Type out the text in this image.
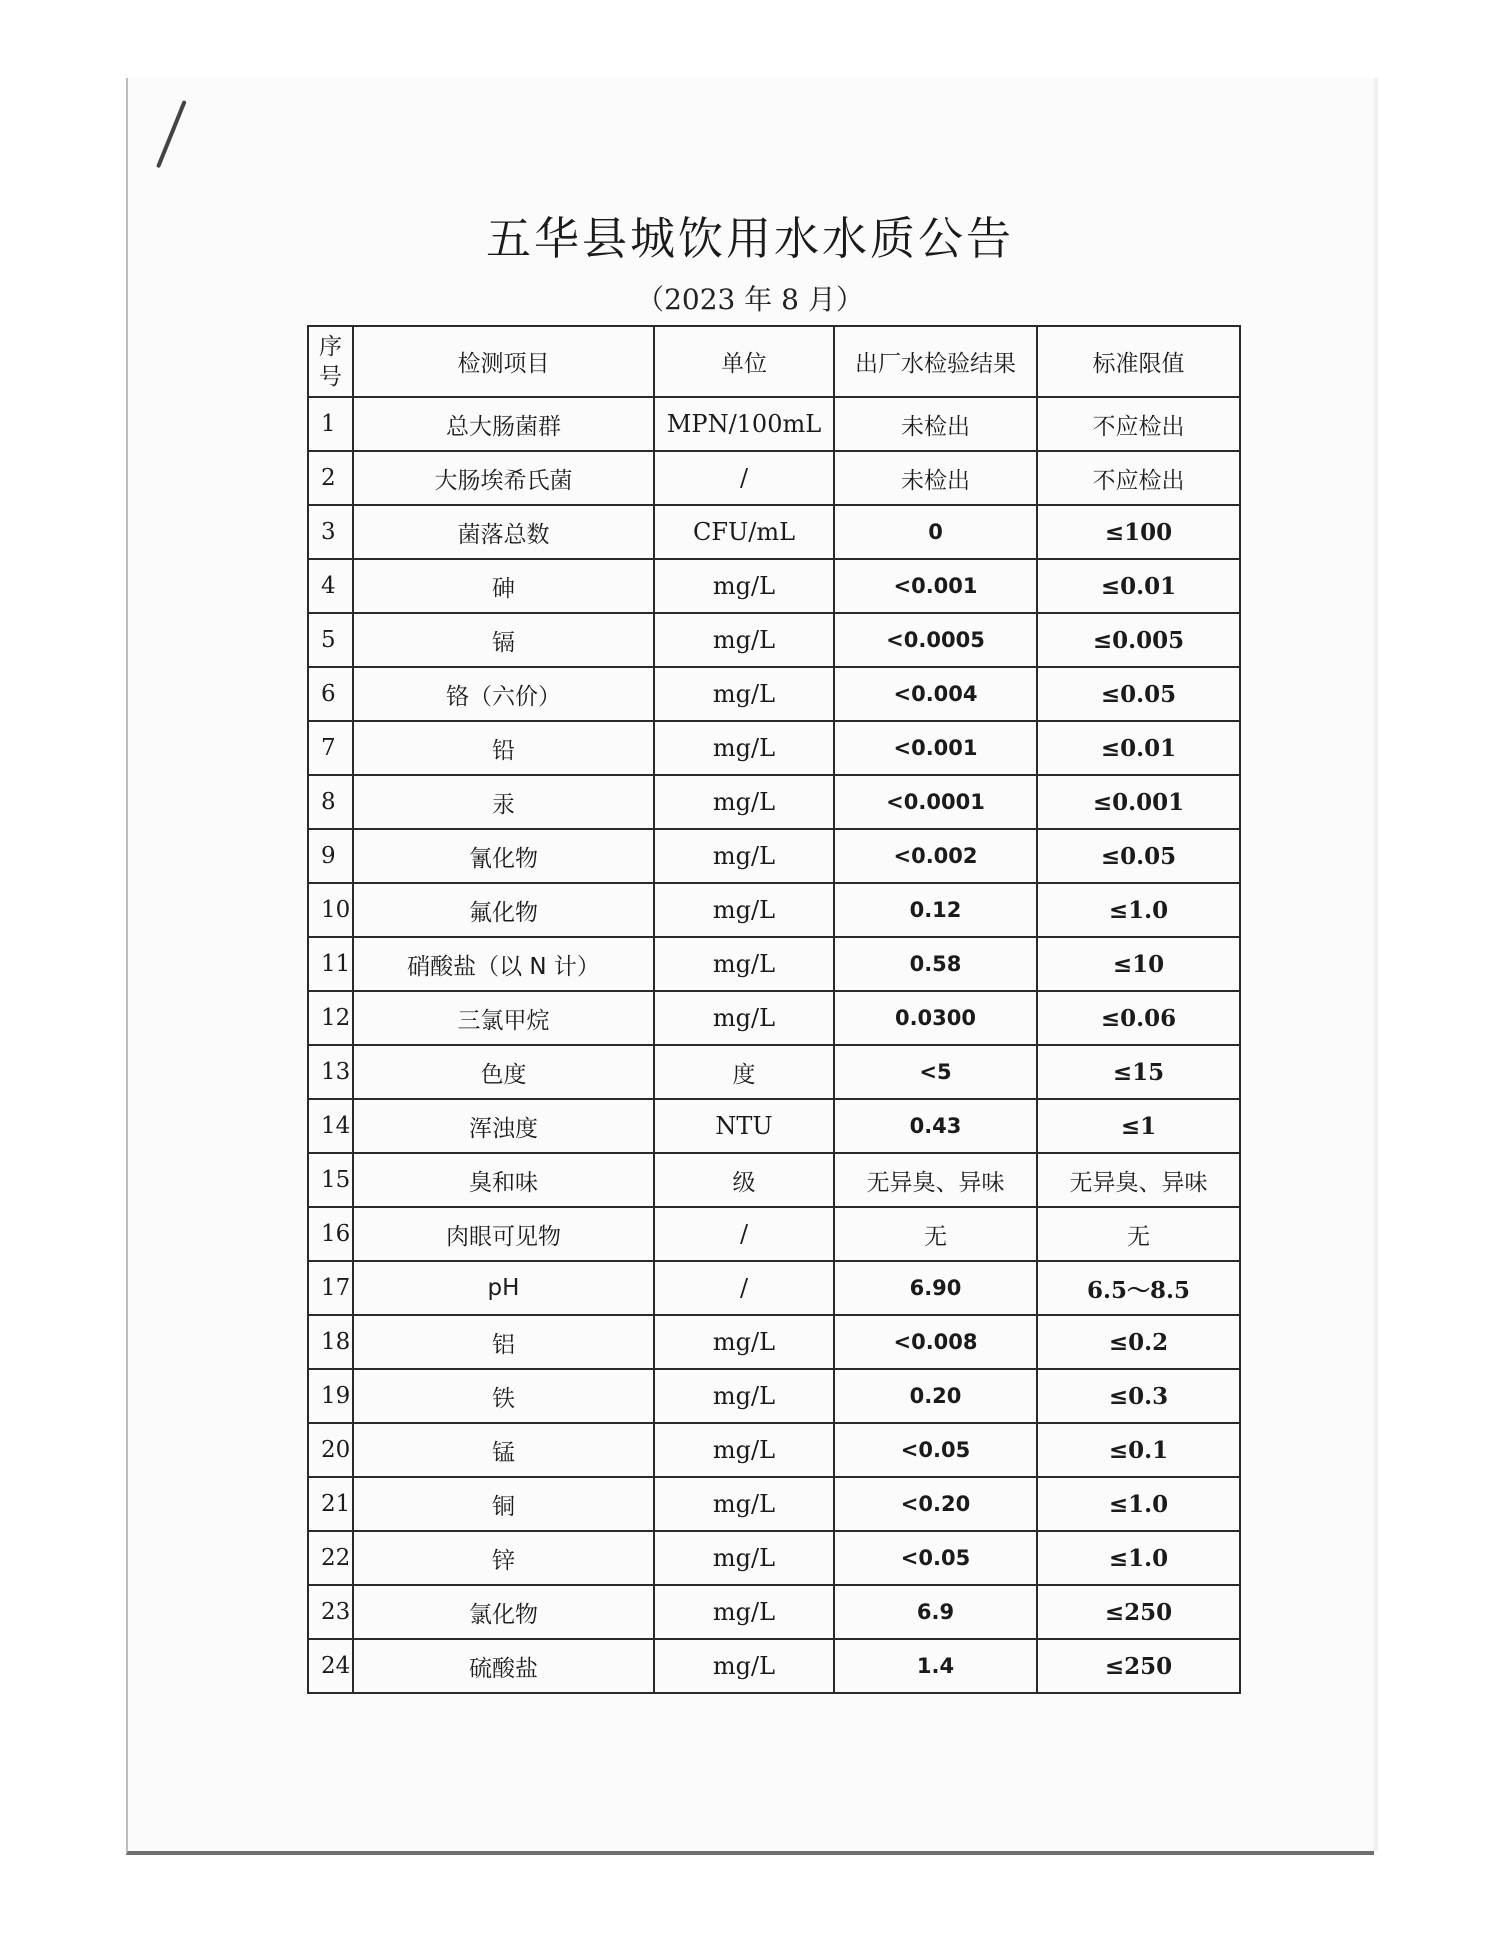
五华县城饮用水水质公告
（2023 年 8 月）
序号	检测项目	单位	出厂水检验结果	标准限值
1	总大肠菌群	MPN/100mL	未检出	不应检出
2	大肠埃希氏菌	/	未检出	不应检出
3	菌落总数	CFU/mL	0	≤100
4	砷	mg/L	<0.001	≤0.01
5	镉	mg/L	<0.0005	≤0.005
6	铬（六价）	mg/L	<0.004	≤0.05
7	铅	mg/L	<0.001	≤0.01
8	汞	mg/L	<0.0001	≤0.001
9	氰化物	mg/L	<0.002	≤0.05
10	氟化物	mg/L	0.12	≤1.0
11	硝酸盐（以 N 计）	mg/L	0.58	≤10
12	三氯甲烷	mg/L	0.0300	≤0.06
13	色度	度	<5	≤15
14	浑浊度	NTU	0.43	≤1
15	臭和味	级	无异臭、异味	无异臭、异味
16	肉眼可见物	/	无	无
17	pH	/	6.90	6.5～8.5
18	铝	mg/L	<0.008	≤0.2
19	铁	mg/L	0.20	≤0.3
20	锰	mg/L	<0.05	≤0.1
21	铜	mg/L	<0.20	≤1.0
22	锌	mg/L	<0.05	≤1.0
23	氯化物	mg/L	6.9	≤250
24	硫酸盐	mg/L	1.4	≤250
